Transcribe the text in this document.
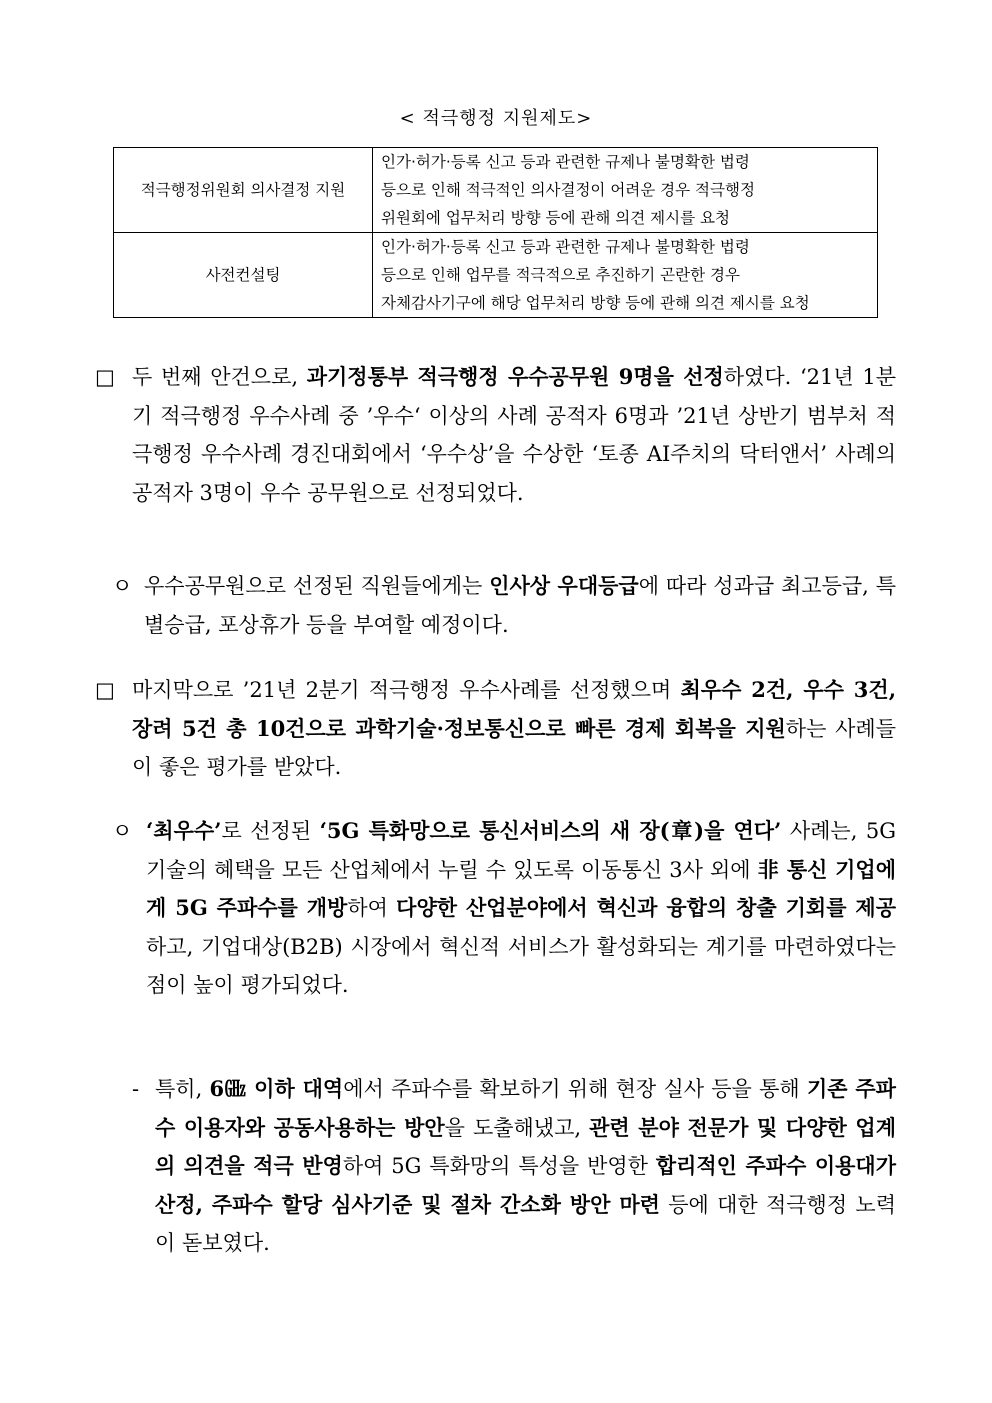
< 적극행정 지원제도>
적극행정위원회 의사결정 지원	인가·허가·등록 신고 등과 관련한 규제나 불명확한 법령
등으로 인해 적극적인 의사결정이 어려운 경우 적극행정
위원회에 업무처리 방향 등에 관해 의견 제시를 요청

사전컨설팅	인가·허가·등록 신고 등과 관련한 규제나 불명확한 법령
등으로 인해 업무를 적극적으로 추진하기 곤란한 경우
자체감사기구에 해당 업무처리 방향 등에 관해 의견 제시를 요청
□ 두 번째 안건으로, 과기정통부 적극행정 우수공무원 9명을 선정하였다. ‘21년 1분기 적극행정 우수사례 중 ’우수‘ 이상의 사례 공적자 6명과 ’21년 상반기 범부처 적극행정 우수사례 경진대회에서 ‘우수상’을 수상한 ‘토종 AI주치의 닥터앤서’ 사례의 공적자 3명이 우수 공무원으로 선정되었다.
ㅇ 우수공무원으로 선정된 직원들에게는 인사상 우대등급에 따라 성과급 최고등급, 특별승급, 포상휴가 등을 부여할 예정이다.
□ 마지막으로 ’21년 2분기 적극행정 우수사례를 선정했으며 최우수 2건, 우수 3건, 장려 5건 총 10건으로 과학기술·정보통신으로 빠른 경제 회복을 지원하는 사례들이 좋은 평가를 받았다.
ㅇ ‘최우수’로 선정된 ‘5G 특화망으로 통신서비스의 새 장(章)을 연다’ 사례는, 5G 기술의 혜택을 모든 산업체에서 누릴 수 있도록 이동통신 3사 외에 非 통신 기업에게 5G 주파수를 개방하여 다양한 산업분야에서 혁신과 융합의 창출 기회를 제공하고, 기업대상(B2B) 시장에서 혁신적 서비스가 활성화되는 계기를 마련하였다는 점이 높이 평가되었다.
- 특히, 6㎓ 이하 대역에서 주파수를 확보하기 위해 현장 실사 등을 통해 기존 주파수 이용자와 공동사용하는 방안을 도출해냈고, 관련 분야 전문가 및 다양한 업계의 의견을 적극 반영하여 5G 특화망의 특성을 반영한 합리적인 주파수 이용대가 산정, 주파수 할당 심사기준 및 절차 간소화 방안 마련 등에 대한 적극행정 노력이 돋보였다.
